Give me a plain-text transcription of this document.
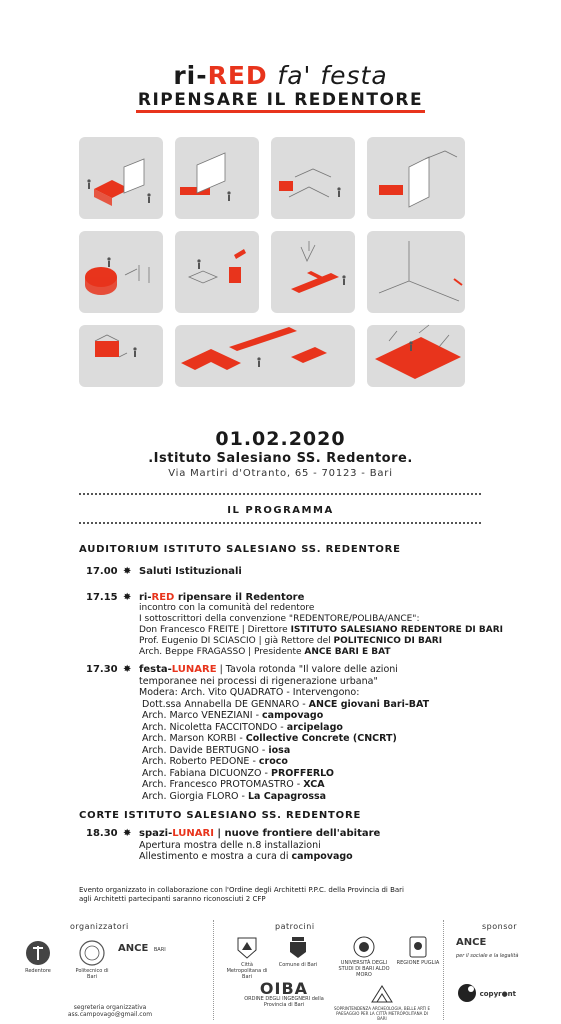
ri-RED fa' festa
RIPENSARE IL REDENTORE
01.02.2020
.Istituto Salesiano SS. Redentore.
Via Martiri d'Otranto, 65 - 70123 - Bari
IL PROGRAMMA
AUDITORIUM ISTITUTO SALESIANO SS. REDENTORE
17.00 ✸ Saluti Istituzionali
17.15 ✸ ri-RED ripensare il Redentore
incontro con la comunità del redentore
I sottoscrittori della convenzione "REDENTORE/POLIBA/ANCE":
Don Francesco FREITE | Direttore ISTITUTO SALESIANO REDENTORE DI BARI
Prof. Eugenio DI SCIASCIO | già Rettore del POLITECNICO DI BARI
Arch. Beppe FRAGASSO | Presidente ANCE BARI E BAT
17.30 ✸ festa-LUNARE | Tavola rotonda "Il valore delle azioni
temporanee nei processi di rigenerazione urbana"
Modera: Arch. Vito QUADRATO - Intervengono:
Dott.ssa Annabella DE GENNARO - ANCE giovani Bari-BAT
Arch. Marco VENEZIANI - campovago
Arch. Nicoletta FACCITONDO - arcipelago
Arch. Marson KORBI - Collective Concrete (CNCRT)
Arch. Davide BERTUGNO - iosa
Arch. Roberto PEDONE - croco
Arch. Fabiana DICUONZO - PROFFERLO
Arch. Francesco PROTOMASTRO - XCA
Arch. Giorgia FLORO - La Capagrossa
CORTE ISTITUTO SALESIANO SS. REDENTORE
18.30 ✸ spazi-LUNARI | nuove frontiere dell'abitare
Apertura mostra delle n.8 installazioni
Allestimento e mostra a cura di campovago
Evento organizzato in collaborazione con l'Ordine degli Architetti P.P.C. della Provincia di Bari
agli Architetti partecipanti saranno riconosciuti 2 CFP
organizzatori	patrocini	sponsor
Redentore	Politecnico di Bari
ANCE BARI
Città Metropolitana di Bari
Comune di Bari	UNIVERSITÀ DEGLI STUDI DI BARI ALDO MORO
REGIONE PUGLIA
OIBA
ORDINE DEGLI INGEGNERI della Provincia di Bari
SOPRINTENDENZA ARCHEOLOGIA, BELLE ARTI E PAESAGGIO PER LA CITTÀ METROPOLITANA DI BARI
ANCE
per il sociale e la legalità
copyr●nt
segreteria organizzativa
ass.campovago@gmail.com
